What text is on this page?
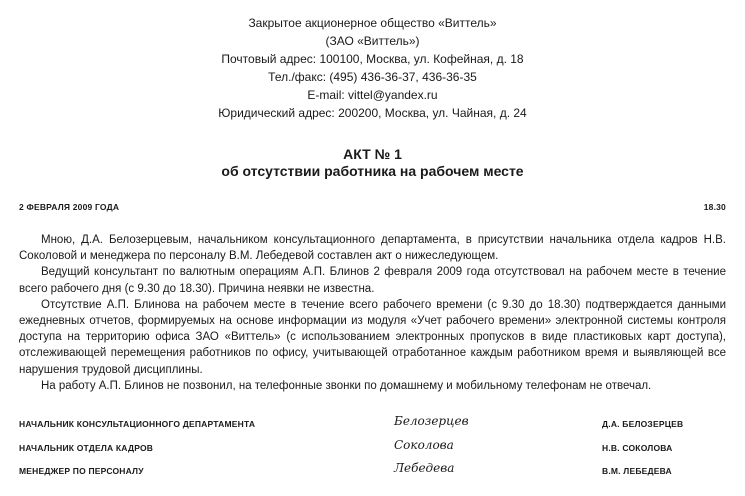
Закрытое акционерное общество «Виттель»
(ЗАО «Виттель»)
Почтовый адрес: 100100, Москва, ул. Кофейная, д. 18
Тел./факс: (495) 436-36-37, 436-36-35
E-mail: vittel@yandex.ru
Юридический адрес: 200200, Москва, ул. Чайная, д. 24
АКТ № 1
об отсутствии работника на рабочем месте
2 ФЕВРАЛЯ 2009 ГОДА	18.30

Мною, Д.А. Белозерцевым, начальником консультационного департамента, в присутствии начальника отдела кадров Н.В. Соколовой и менеджера по персоналу В.М. Лебедевой составлен акт о нижеследующем.

Ведущий консультант по валютным операциям А.П. Блинов 2 февраля 2009 года отсутствовал на рабочем месте в течение всего рабочего дня (с 9.30 до 18.30). Причина неявки не известна.

Отсутствие А.П. Блинова на рабочем месте в течение всего рабочего времени (с 9.30 до 18.30) подтверждается данными ежедневных отчетов, формируемых на основе информации из модуля «Учет рабочего времени» электронной системы контроля доступа на территорию офиса ЗАО «Виттель» (с использованием электронных пропусков в виде пластиковых карт доступа), отслеживающей перемещения работников по офису, учитывающей отработанное каждым работником время и выявляющей все нарушения трудовой дисциплины.

На работу А.П. Блинов не позвонил, на телефонные звонки по домашнему и мобильному телефонам не отвечал.

НАЧАЛЬНИК КОНСУЛЬТАЦИОННОГО ДЕПАРТАМЕНТА	Белозерцев	Д.А. БЕЛОЗЕРЦЕВ
НАЧАЛЬНИК ОТДЕЛА КАДРОВ	Соколова	Н.В. СОКОЛОВА
МЕНЕДЖЕР ПО ПЕРСОНАЛУ	Лебедева	В.М. ЛЕБЕДЕВА
